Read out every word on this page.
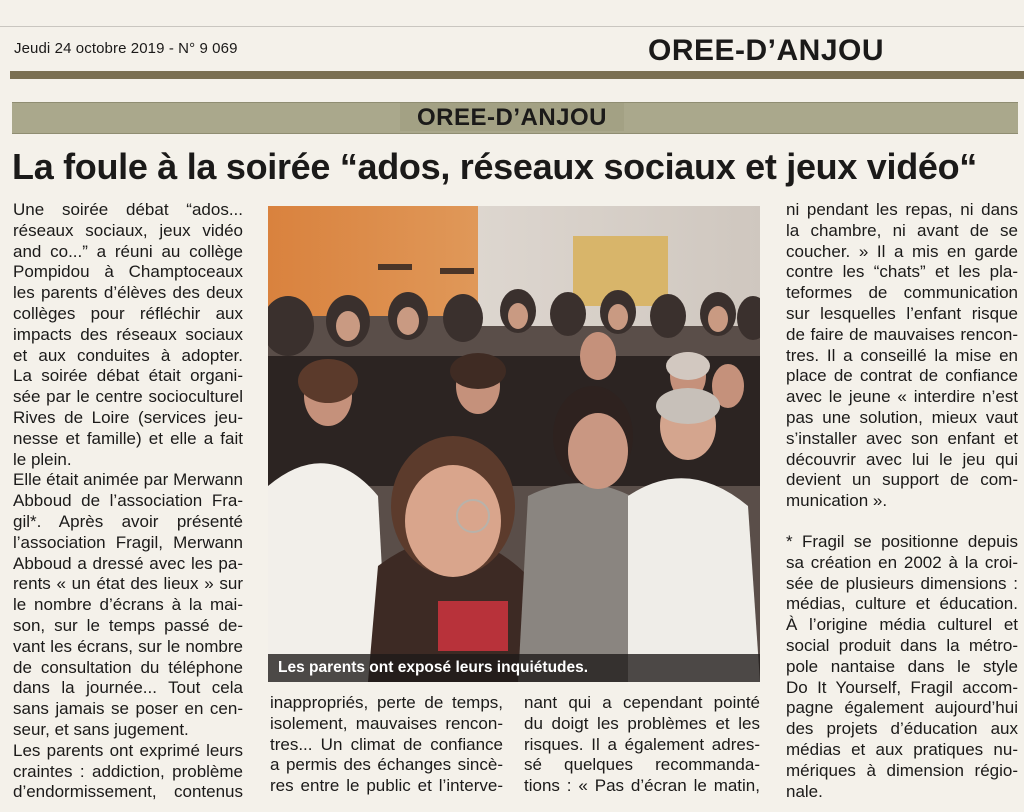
Jeudi 24 octobre 2019 - N° 9 069	OREE-D’ANJOU
OREE-D’ANJOU
La foule à la soirée “ados, réseaux sociaux et jeux vidéo“

Une soirée débat “ados...

réseaux sociaux, jeux vidéo

and co...” a réuni au collège

Pompidou à Champtoceaux

les parents d’élèves des deux

collèges pour réfléchir aux

impacts des réseaux sociaux

et aux conduites à adopter.

La soirée débat était organi-

sée par le centre socioculturel

Rives de Loire (services jeu-

nesse et famille) et elle a fait

le plein.

Elle était animée par Merwann

Abboud de l’association Fra-

gil*. Après avoir présenté

l’association Fragil, Merwann

Abboud a dressé avec les pa-

rents « un état des lieux » sur

le nombre d’écrans à la mai-

son, sur le temps passé de-

vant les écrans, sur le nombre

de consultation du téléphone

dans la journée... Tout cela

sans jamais se poser en cen-

seur, et sans jugement.

Les parents ont exprimé leurs

craintes : addiction, problème

d’endormissement, contenus

Les parents ont exposé leurs inquiétudes.

inappropriés, perte de temps,

isolement, mauvaises rencon-

tres... Un climat de confiance

a permis des échanges sincè-

res entre le public et l’interve-

nant qui a cependant pointé

du doigt les problèmes et les

risques. Il a également adres-

sé quelques recommanda-

tions : « Pas d’écran le matin,

ni pendant les repas, ni dans

la chambre, ni avant de se

coucher. » Il a mis en garde

contre les “chats” et les pla-

teformes de communication

sur lesquelles l’enfant risque

de faire de mauvaises rencon-

tres. Il a conseillé la mise en

place de contrat de confiance

avec le jeune « interdire n’est

pas une solution, mieux vaut

s’installer avec son enfant et

découvrir avec lui le jeu qui

devient un support de com-

munication ».

* Fragil se positionne depuis

sa création en 2002 à la croi-

sée de plusieurs dimensions :

médias, culture et éducation.

À l’origine média culturel et

social produit dans la métro-

pole nantaise dans le style

Do It Yourself, Fragil accom-

pagne également aujourd’hui

des projets d’éducation aux

médias et aux pratiques nu-

mériques à dimension régio-

nale.
